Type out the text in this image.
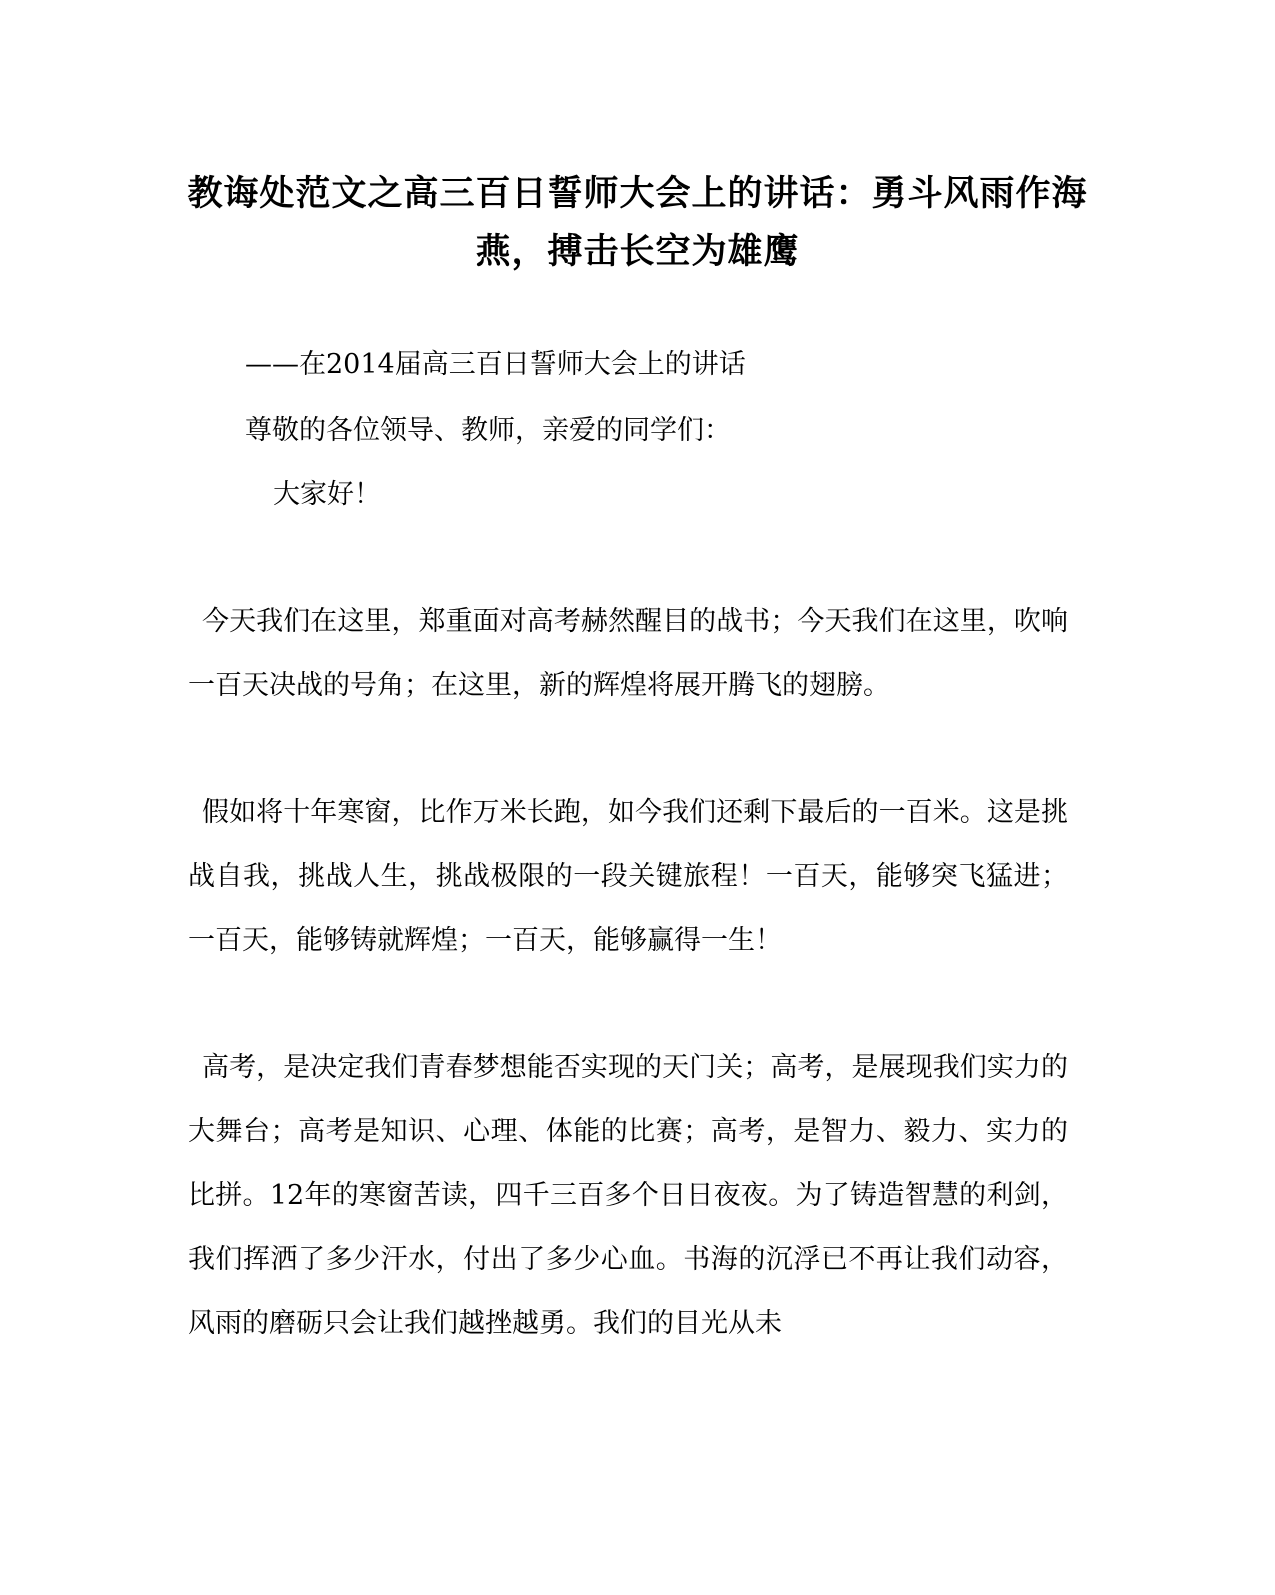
教诲处范文之高三百日誓师大会上的讲话：勇斗风雨作海燕，搏击长空为雄鹰
——在2014届高三百日誓师大会上的讲话
尊敬的各位领导、教师，亲爱的同学们：
大家好！
今天我们在这里，郑重面对高考赫然醒目的战书；今天我们在这里，吹响一百天决战的号角；在这里，新的辉煌将展开腾飞的翅膀。
假如将十年寒窗，比作万米长跑，如今我们还剩下最后的一百米。这是挑战自我，挑战人生，挑战极限的一段关键旅程！一百天，能够突飞猛进；一百天，能够铸就辉煌；一百天，能够赢得一生！
高考，是决定我们青春梦想能否实现的天门关；高考，是展现我们实力的大舞台；高考是知识、心理、体能的比赛；高考，是智力、毅力、实力的比拼。12年的寒窗苦读，四千三百多个日日夜夜。为了铸造智慧的利剑，我们挥洒了多少汗水，付出了多少心血。书海的沉浮已不再让我们动容，风雨的磨砺只会让我们越挫越勇。我们的目光从未
